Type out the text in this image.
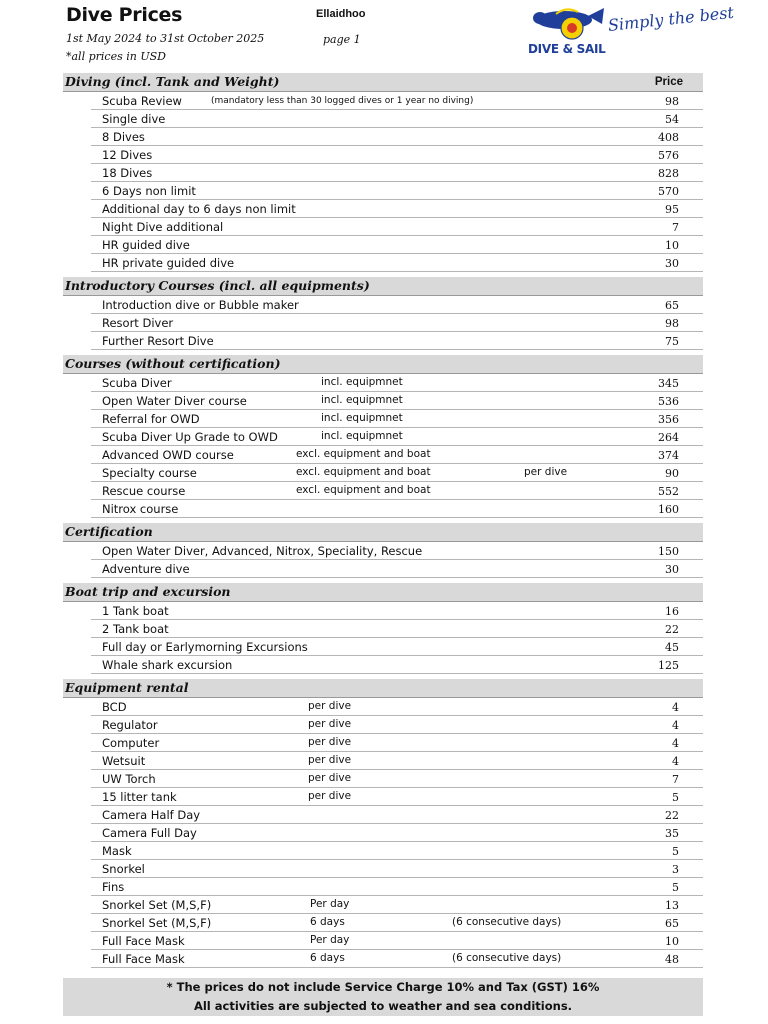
Dive Prices	Ellaidhoo
1st May 2024 to 31st October 2025	page 1
*all prices in USD
DIVE & SAIL
Simply the best
Diving (incl. Tank and Weight)	Price
Scuba Review	(mandatory less than 30 logged dives or 1 year no diving)	98
Single dive	54
8 Dives	408
12 Dives	576
18 Dives	828
6 Days non limit	570
Additional day to 6 days non limit	95
Night Dive additional	7
HR guided dive	10
HR private guided dive	30
Introductory Courses (incl. all equipments)
Introduction dive or Bubble maker	65
Resort Diver	98
Further Resort Dive	75
Courses (without certification)
Scuba Diver	incl. equipmnet	345
Open Water Diver course	incl. equipmnet	536
Referral for OWD	incl. equipmnet	356
Scuba Diver Up Grade to OWD	incl. equipmnet	264
Advanced OWD course	excl. equipment and boat	374
Specialty course	excl. equipment and boat	per dive	90
Rescue course	excl. equipment and boat	552
Nitrox course	160
Certification
Open Water Diver, Advanced, Nitrox, Speciality, Rescue	150
Adventure dive	30
Boat trip and excursion
1 Tank boat	16
2 Tank boat	22
Full day or Earlymorning Excursions	45
Whale shark excursion	125
Equipment rental
BCD	per dive	4
Regulator	per dive	4
Computer	per dive	4
Wetsuit	per dive	4
UW Torch	per dive	7
15 litter tank	per dive	5
Camera Half Day	22
Camera Full Day	35
Mask	5
Snorkel	3
Fins	5
Snorkel Set (M,S,F)	Per day	13
Snorkel Set (M,S,F)	6 days	(6 consecutive days)	65
Full Face Mask	Per day	10
Full Face Mask	6 days	(6 consecutive days)	48
* The prices do not include Service Charge 10% and Tax (GST) 16%
All activities are subjected to weather and sea conditions.
